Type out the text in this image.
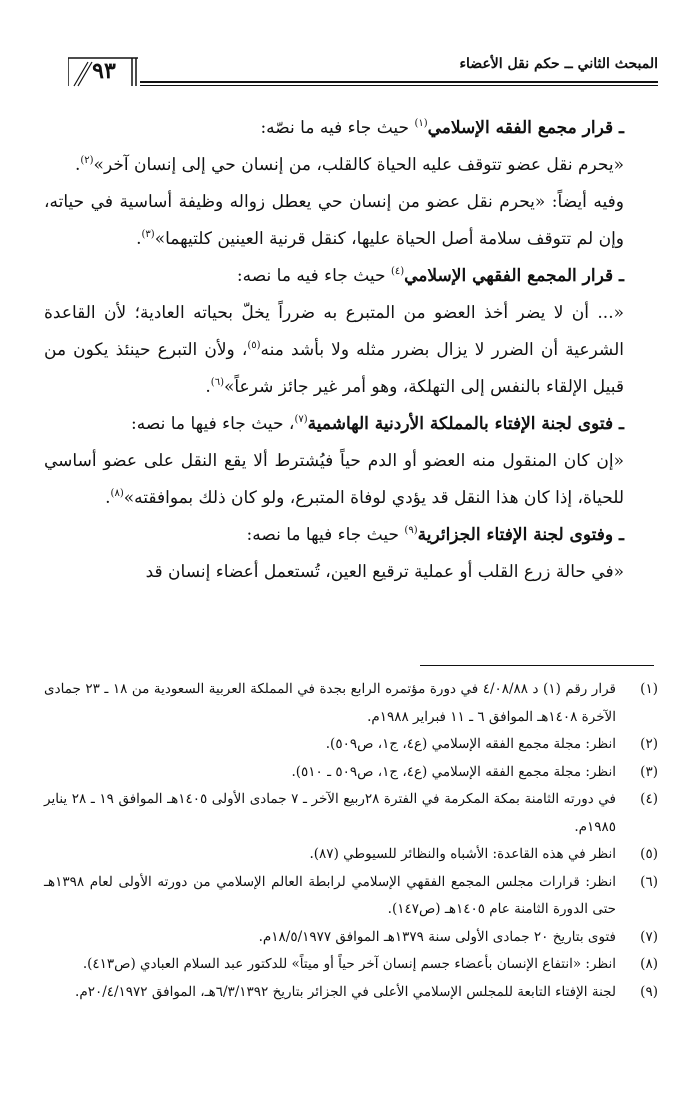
المبحث الثاني ــ حكم نقل الأعضاء
٩٣

ـ قرار مجمع الفقه الإسلامي$^{(١)}$ حيث جاء فيه ما نصّه:

«يحرم نقل عضو تتوقف عليه الحياة كالقلب، من إنسان حي إلى إنسان آخر»$^{(٢)}$.

وفيه أيضاً: «يحرم نقل عضو من إنسان حي يعطل زواله وظيفة أساسية في حياته، وإن لم تتوقف سلامة أصل الحياة عليها، كنقل قرنية العينين كلتيهما»$^{(٣)}$.

ـ قرار المجمع الفقهي الإسلامي$^{(٤)}$ حيث جاء فيه ما نصه:

«... أن لا يضر أخذ العضو من المتبرع به ضرراً يخلّ بحياته العادية؛ لأن القاعدة الشرعية أن الضرر لا يزال بضرر مثله ولا بأشد منه$^{(٥)}$، ولأن التبرع حينئذ يكون من قبيل الإلقاء بالنفس إلى التهلكة، وهو أمر غير جائز شرعاً»$^{(٦)}$.

ـ فتوى لجنة الإفتاء بالمملكة الأردنية الهاشمية$^{(٧)}$، حيث جاء فيها ما نصه:

«إن كان المنقول منه العضو أو الدم حياً فيُشترط ألا يقع النقل على عضو أساسي للحياة، إذا كان هذا النقل قد يؤدي لوفاة المتبرع، ولو كان ذلك بموافقته»$^{(٨)}$.

ـ وفتوى لجنة الإفتاء الجزائرية$^{(٩)}$ حيث جاء فيها ما نصه:

«في حالة زرع القلب أو عملية ترقيع العين، تُستعمل أعضاء إنسان قد

(١)
قرار رقم (١) د ٤/٠٨/٨٨ في دورة مؤتمره الرابع بجدة في المملكة العربية السعودية من ١٨ ـ ٢٣ جمادى الآخرة ١٤٠٨هـ الموافق ٦ ـ ١١ فبراير ١٩٨٨م.
(٢)
انظر: مجلة مجمع الفقه الإسلامي (ع٤، ج١، ص٥٠٩).
(٣)
انظر: مجلة مجمع الفقه الإسلامي (ع٤، ج١، ص٥٠٩ ـ ٥١٠).
(٤)
في دورته الثامنة بمكة المكرمة في الفترة ٢٨ربيع الآخر ـ ٧ جمادى الأولى ١٤٠٥هـ الموافق ١٩ ـ ٢٨ يناير ١٩٨٥م.
(٥)
انظر في هذه القاعدة: الأشباه والنظائر للسيوطي (٨٧).
(٦)
انظر: قرارات مجلس المجمع الفقهي الإسلامي لرابطة العالم الإسلامي من دورته الأولى لعام ١٣٩٨هـ حتى الدورة الثامنة عام ١٤٠٥هـ (ص١٤٧).
(٧)
فتوى بتاريخ ٢٠ جمادى الأولى سنة ١٣٧٩هـ الموافق ١٨/٥/١٩٧٧م.
(٨)
انظر: «انتفاع الإنسان بأعضاء جسم إنسان آخر حياً أو ميتاً» للدكتور عبد السلام العبادي (ص٤١٣).
(٩)
لجنة الإفتاء التابعة للمجلس الإسلامي الأعلى في الجزائر بتاريخ ٦/٣/١٣٩٢هـ، الموافق ٢٠/٤/١٩٧٢م.
